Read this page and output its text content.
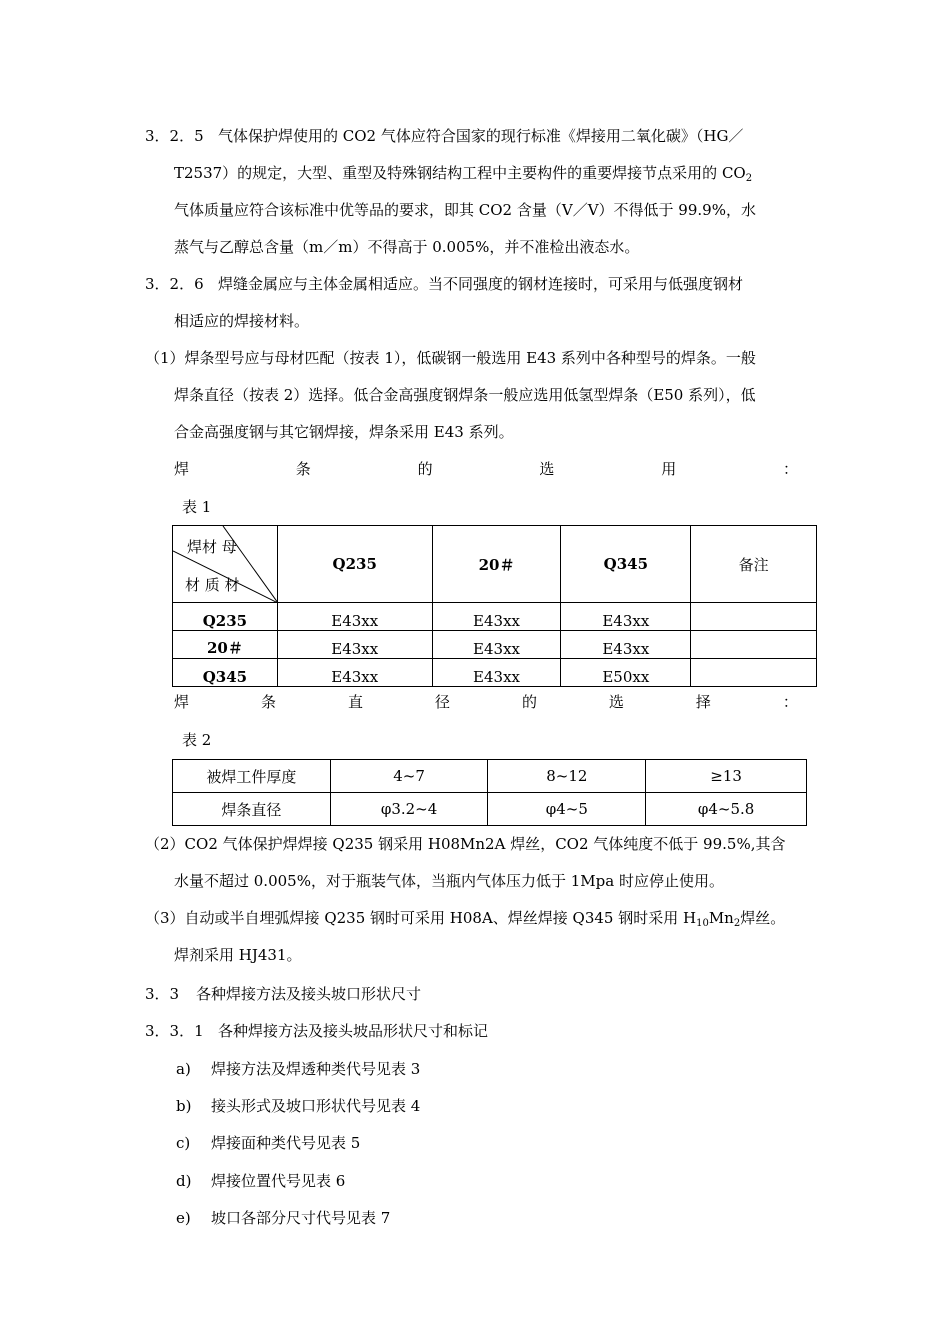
3．2．5 气体保护焊使用的 CO2 气体应符合国家的现行标准《焊接用二氧化碳》（HG／
T2537）的规定，大型、重型及特殊钢结构工程中主要构件的重要焊接节点采用的 $CO_2$
气体质量应符合该标准中优等品的要求，即其 CO2 含量（V／V）不得低于 99.9%，水
蒸气与乙醇总含量（m／m）不得高于 0.005%，并不准检出液态水。
3．2．6 焊缝金属应与主体金属相适应。当不同强度的钢材连接时，可采用与低强度钢材
相适应的焊接材料。
（1）焊条型号应与母材匹配（按表 1），低碳钢一般选用 E43 系列中各种型号的焊条。一般
焊条直径（按表 2）选择。低合金高强度钢焊条一般应选用低氢型焊条（E50 系列），低
合金高强度钢与其它钢焊接，焊条采用 E43 系列。
焊	条	的	选	用	：
表 1
焊材 母
材 质 材	Q235	20＃	Q345	备注
Q235	E43xx	E43xx	E43xx	
20＃	E43xx	E43xx	E43xx	
Q345	E43xx	E43xx	E50xx	
焊	条	直	径	的	选	择	：
表 2
被焊工件厚度	4~7	8~12	≥13
焊条直径	φ3.2~4	φ4~5	φ4~5.8
（2）CO2 气体保护焊焊接 Q235 钢采用 H08Mn2A 焊丝，CO2 气体纯度不低于 99.5%,其含
水量不超过 0.005%，对于瓶装气体，当瓶内气体压力低于 1Mpa 时应停止使用。
（3）自动或半自埋弧焊接 Q235 钢时可采用 H08A、焊丝焊接 Q345 钢时采用 $H_{10}Mn_2$焊丝。
焊剂采用 HJ431。
3．3 各种焊接方法及接头坡口形状尺寸
3．3．1 各种焊接方法及接头坡品形状尺寸和标记
a) 焊接方法及焊透种类代号见表 3
b) 接头形式及坡口形状代号见表 4
c) 焊接面种类代号见表 5
d) 焊接位置代号见表 6
e) 坡口各部分尺寸代号见表 7
